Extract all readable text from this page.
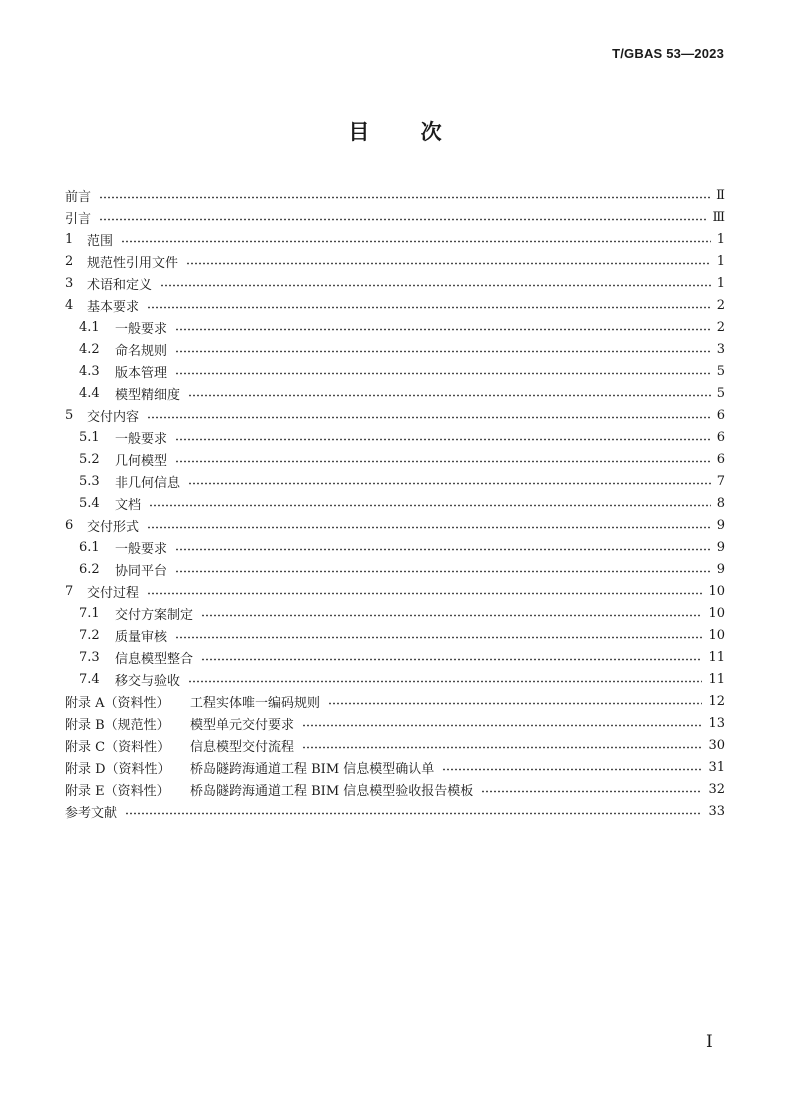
T/GBAS 53—2023
目 次
前言	Ⅱ
引言	Ⅲ
1	范围	1
2	规范性引用文件	1
3	术语和定义	1
4	基本要求	2
4.1	一般要求	2
4.2	命名规则	3
4.3	版本管理	5
4.4	模型精细度	5
5	交付内容	6
5.1	一般要求	6
5.2	几何模型	6
5.3	非几何信息	7
5.4	文档	8
6	交付形式	9
6.1	一般要求	9
6.2	协同平台	9
7	交付过程	10
7.1	交付方案制定	10
7.2	质量审核	10
7.3	信息模型整合	11
7.4	移交与验收	11
附录 A（资料性）	工程实体唯一编码规则	12
附录 B（规范性）	模型单元交付要求	13
附录 C（资料性）	信息模型交付流程	30
附录 D（资料性）	桥岛隧跨海通道工程 BIM 信息模型确认单	31
附录 E（资料性）	桥岛隧跨海通道工程 BIM 信息模型验收报告模板	32
参考文献	33
I
